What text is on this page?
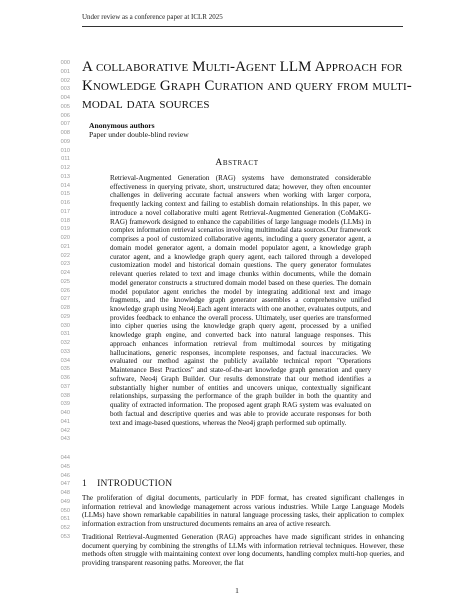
Under review as a conference paper at ICLR 2025
000
001
002
003
004
005
006
007
008
009
010
011
012
013
014
015
016
017
018
019
020
021
022
023
024
025
026
027
028
029
030
031
032
033
034
035
036
037
038
039
040
041
042
043
044
045
046
047
048
049
050
051
052
053
A collaborative Multi-Agent LLM Approach for Knowledge Graph Curation and query from multi-modal data sources
Anonymous authors
Paper under double-blind review
Abstract

Retrieval-Augmented Generation (RAG) systems have demonstrated considerable effectiveness in querying private, short, unstructured data; however, they often encounter challenges in delivering accurate factual answers when working with larger corpora, frequently lacking context and failing to establish domain relationships. In this paper, we introduce a novel collaborative multi agent Retrieval-Augmented Generation (CoMaKG-RAG) framework designed to enhance the capabilities of large language models (LLMs) in complex information retrieval scenarios involving multimodal data sources.Our framework comprises a pool of customized collaborative agents, including a query generator agent, a domain model generator agent, a domain model populator agent, a knowledge graph curator agent, and a knowledge graph query agent, each tailored through a developed customization model and historical domain questions. The query generator formulates relevant queries related to text and image chunks within documents, while the domain model generator constructs a structured domain model based on these queries. The domain model populator agent enriches the model by integrating additional text and image fragments, and the knowledge graph generator assembles a comprehensive unified knowledge graph using Neo4j.Each agent interacts with one another, evaluates outputs, and provides feedback to enhance the overall process. Ultimately, user queries are transformed into cipher queries using the knowledge graph query agent, processed by a unified knowledge graph engine, and converted back into natural language responses. This approach enhances information retrieval from multimodal sources by mitigating hallucinations, generic responses, incomplete responses, and factual inaccuracies. We evaluated our method against the publicly available technical report "Operations Maintenance Best Practices" and state-of-the-art knowledge graph generation and query software, Neo4j Graph Builder. Our results demonstrate that our method identifies a substantially higher number of entities and uncovers unique, contextually significant relationships, surpassing the performance of the graph builder in both the quantity and quality of extracted information. The proposed agent graph RAG system was evaluated on both factual and descriptive queries and was able to provide accurate responses for both text and image-based questions, whereas the Neo4j graph performed sub optimally.

1 INTRODUCTION

The proliferation of digital documents, particularly in PDF format, has created significant challenges in information retrieval and knowledge management across various industries. While Large Language Models (LLMs) have shown remarkable capabilities in natural language processing tasks, their application to complex information extraction from unstructured documents remains an area of active research.

Traditional Retrieval-Augmented Generation (RAG) approaches have made significant strides in enhancing document querying by combining the strengths of LLMs with information retrieval techniques. However, these methods often struggle with maintaining context over long documents, handling complex multi-hop queries, and providing transparent reasoning paths. Moreover, the flat

1
